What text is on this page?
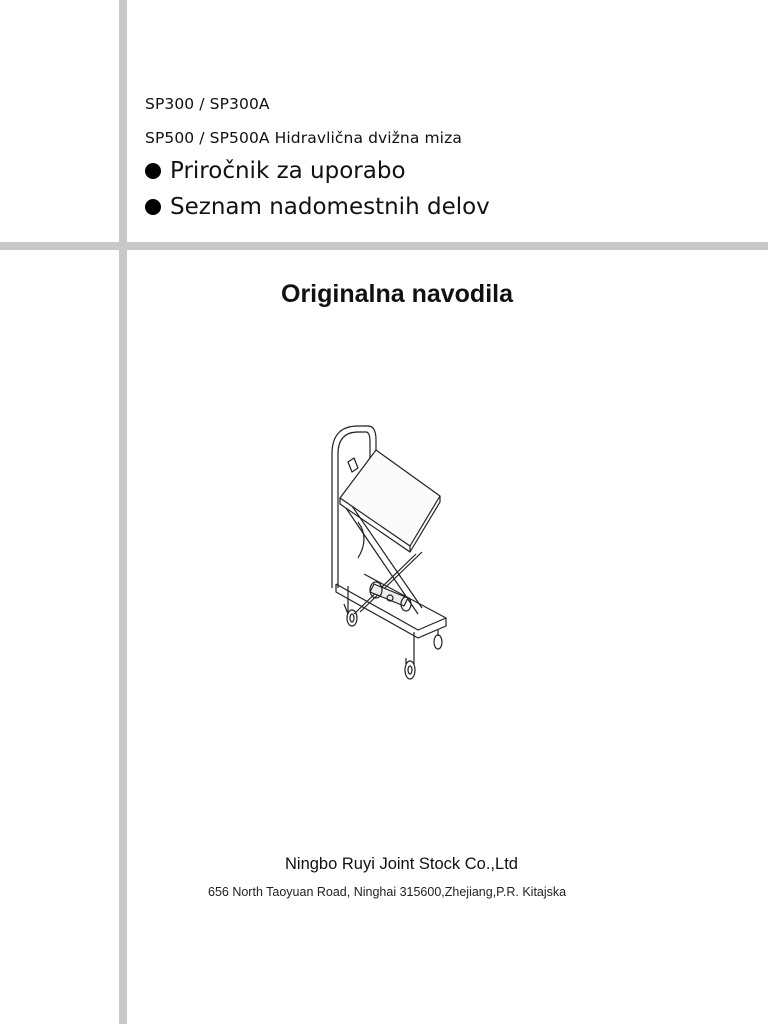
SP300 / SP300A
SP500 / SP500A Hidravlična dvižna miza
Priročnik za uporabo
Seznam nadomestnih delov
Originalna navodila
Ningbo Ruyi Joint Stock Co.,Ltd
656 North Taoyuan Road, Ninghai 315600,Zhejiang,P.R. Kitajska
